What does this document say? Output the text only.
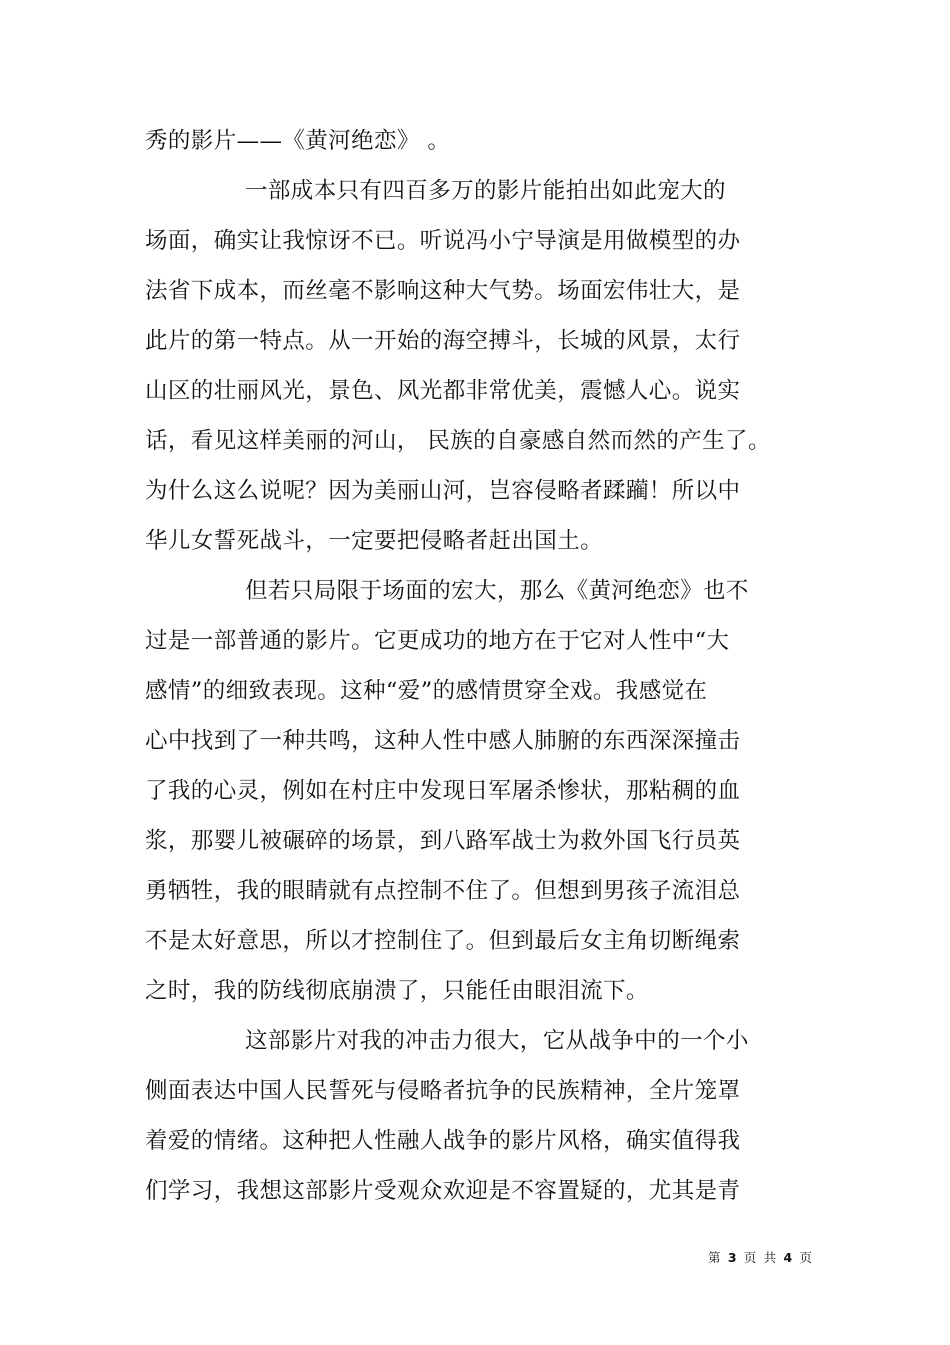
秀的影片——《黄河绝恋》 。
一部成本只有四百多万的影片能拍出如此宠大的
场面，确实让我惊讶不已。听说冯小宁导演是用做模型的办
法省下成本，而丝毫不影响这种大气势。场面宏伟壮大，是
此片的第一特点。从一开始的海空搏斗，长城的风景，太行
山区的壮丽风光，景色、风光都非常优美，震憾人心。说实
话，看见这样美丽的河山， 民族的自豪感自然而然的产生了。
为什么这么说呢？因为美丽山河，岂容侵略者蹂躏！所以中
华儿女誓死战斗，一定要把侵略者赶出国土。
但若只局限于场面的宏大，那么《黄河绝恋》也不
过是一部普通的影片。它更成功的地方在于它对人性中“大
感情”的细致表现。这种“爱”的感情贯穿全戏。我感觉在
心中找到了一种共鸣，这种人性中感人肺腑的东西深深撞击
了我的心灵，例如在村庄中发现日军屠杀惨状，那粘稠的血
浆，那婴儿被碾碎的场景，到八路军战士为救外国飞行员英
勇牺牲，我的眼睛就有点控制不住了。但想到男孩子流泪总
不是太好意思，所以才控制住了。但到最后女主角切断绳索
之时，我的防线彻底崩溃了，只能任由眼泪流下。
这部影片对我的冲击力很大，它从战争中的一个小
侧面表达中国人民誓死与侵略者抗争的民族精神，全片笼罩
着爱的情绪。这种把人性融人战争的影片风格，确实值得我
们学习，我想这部影片受观众欢迎是不容置疑的，尤其是青
第 3 页 共 4 页
